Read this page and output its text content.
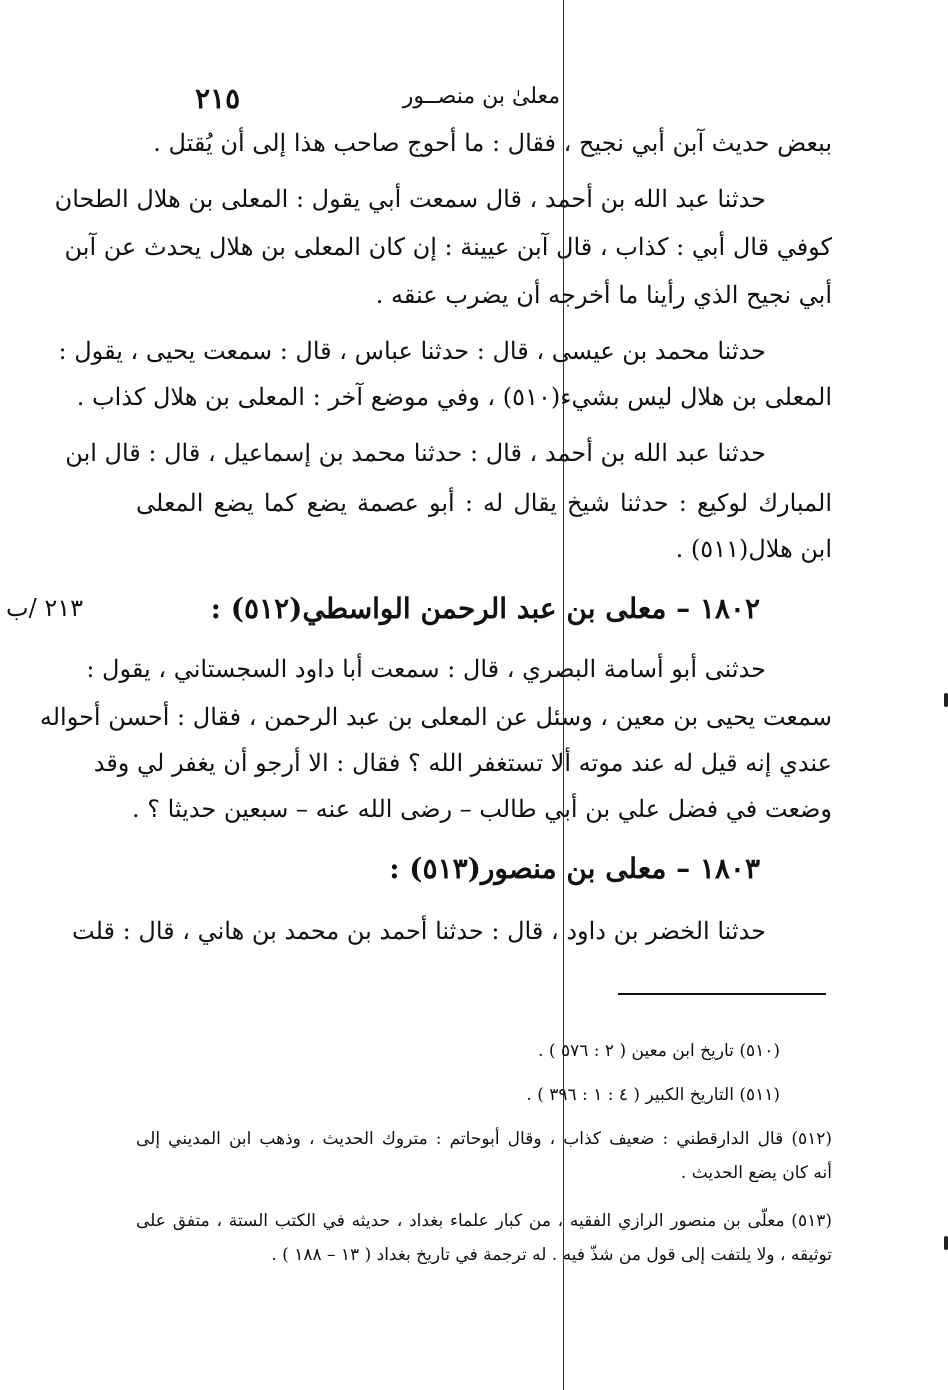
معلىٰ بن منصــور
٢١٥
ببعض حديث آبن أبي نجيح ، فقال : ما أحوج صاحب هذا إلى أن يُقتل .
حدثنا عبد الله بن أحمد ، قال سمعت أبي يقول : المعلى بن هلال الطحان
كوفي قال أبي : كذاب ، قال آبن عيينة : إن كان المعلى بن هلال يحدث عن آبن
أبي نجيح الذي رأينا ما أخرجه أن يضرب عنقه .
حدثنا محمد بن عيسى ، قال : حدثنا عباس ، قال : سمعت يحيى ، يقول :
المعلى بن هلال ليس بشيء(٥١٠) ، وفي موضع آخر : المعلى بن هلال كذاب .
حدثنا عبد الله بن أحمد ، قال : حدثنا محمد بن إسماعيل ، قال : قال ابن
المبارك لوكيع : حدثنا شيخ يقال له : أبو عصمة يضع كما يضع المعلى
ابن هلال(٥١١) .
٢١٣ /ب	١٨٠٢ – معلى بن عبد الرحمن الواسطي(٥١٢) :
حدثنى أبو أسامة البصري ، قال : سمعت أبا داود السجستاني ، يقول :
سمعت يحيى بن معين ، وسئل عن المعلى بن عبد الرحمن ، فقال : أحسن أحواله
عندي إنه قيل له عند موته ألا تستغفر الله ؟ فقال : الا أرجو أن يغفر لي وقد
وضعت في فضل علي بن أبي طالب – رضى الله عنه – سبعين حديثا ؟ .
١٨٠٣ – معلى بن منصور(٥١٣) :
حدثنا الخضر بن داود ، قال : حدثنا أحمد بن محمد بن هاني ، قال : قلت
(٥١٠) تاريخ ابن معين ( ٢ : ٥٧٦ ) .
(٥١١) التاريخ الكبير ( ٤ : ١ : ٣٩٦ ) .
(٥١٢) قال الدارقطني : ضعيف كذاب ، وقال أبوحاتم : متروك الحديث ، وذهب ابن المديني إلى
أنه كان يضع الحديث .
(٥١٣) معلّى بن منصور الرازي الفقيه ، من كبار علماء بغداد ، حديثه في الكتب الستة ، متفق على
توثيقه ، ولا يلتفت إلى قول من شذّ فيه . له ترجمة في تاريخ بغداد ( ١٣ – ١٨٨ ) .
